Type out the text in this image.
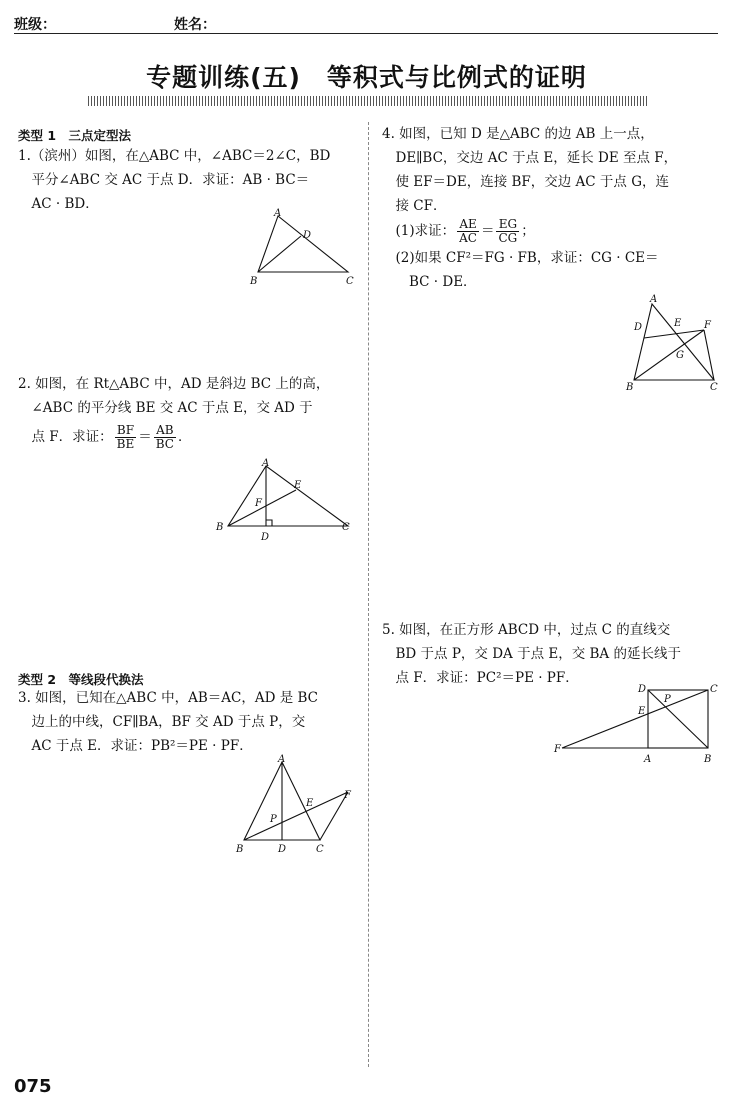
班级：	姓名：
专题训练(五)　等积式与比例式的证明
类型 1　三点定型法
1.（滨州）如图，在△ABC 中，∠ABC＝2∠C，BD
　平分∠ABC 交 AC 于点 D．求证：AB · BC＝
　AC · BD．
A
B	C
D
2. 如图，在 Rt△ABC 中，AD 是斜边 BC 上的高，
　∠ABC 的平分线 BE 交 AC 于点 E，交 AD 于
　点 F．求证： $\frac{BF}{BE} = \frac{AB}{BC}$ ．
A
B	C
D
E
F
类型 2　等线段代换法
3. 如图，已知在△ABC 中，AB＝AC，AD 是 BC
　边上的中线，CF∥BA，BF 交 AD 于点 P，交
　AC 于点 E．求证：PB²＝PE · PF．
A
B	C
D
E
F
P
4. 如图，已知 D 是△ABC 的边 AB 上一点，
　DE∥BC，交边 AC 于点 E，延长 DE 至点 F，
　使 EF＝DE，连接 BF，交边 AC 于点 G，连
　接 CF．
　(1)求证： $\frac{AE}{AC} = \frac{EG}{CG}$ ；
　(2)如果 CF²＝FG · FB，求证：CG · CE＝
　　BC · DE．
A
B	C
D	E F
G
5. 如图，在正方形 ABCD 中，过点 C 的直线交
　BD 于点 P，交 DA 于点 E，交 BA 的延长线于
　点 F．求证：PC²＝PE · PF．
A	B
C
D
E
F
P
075
